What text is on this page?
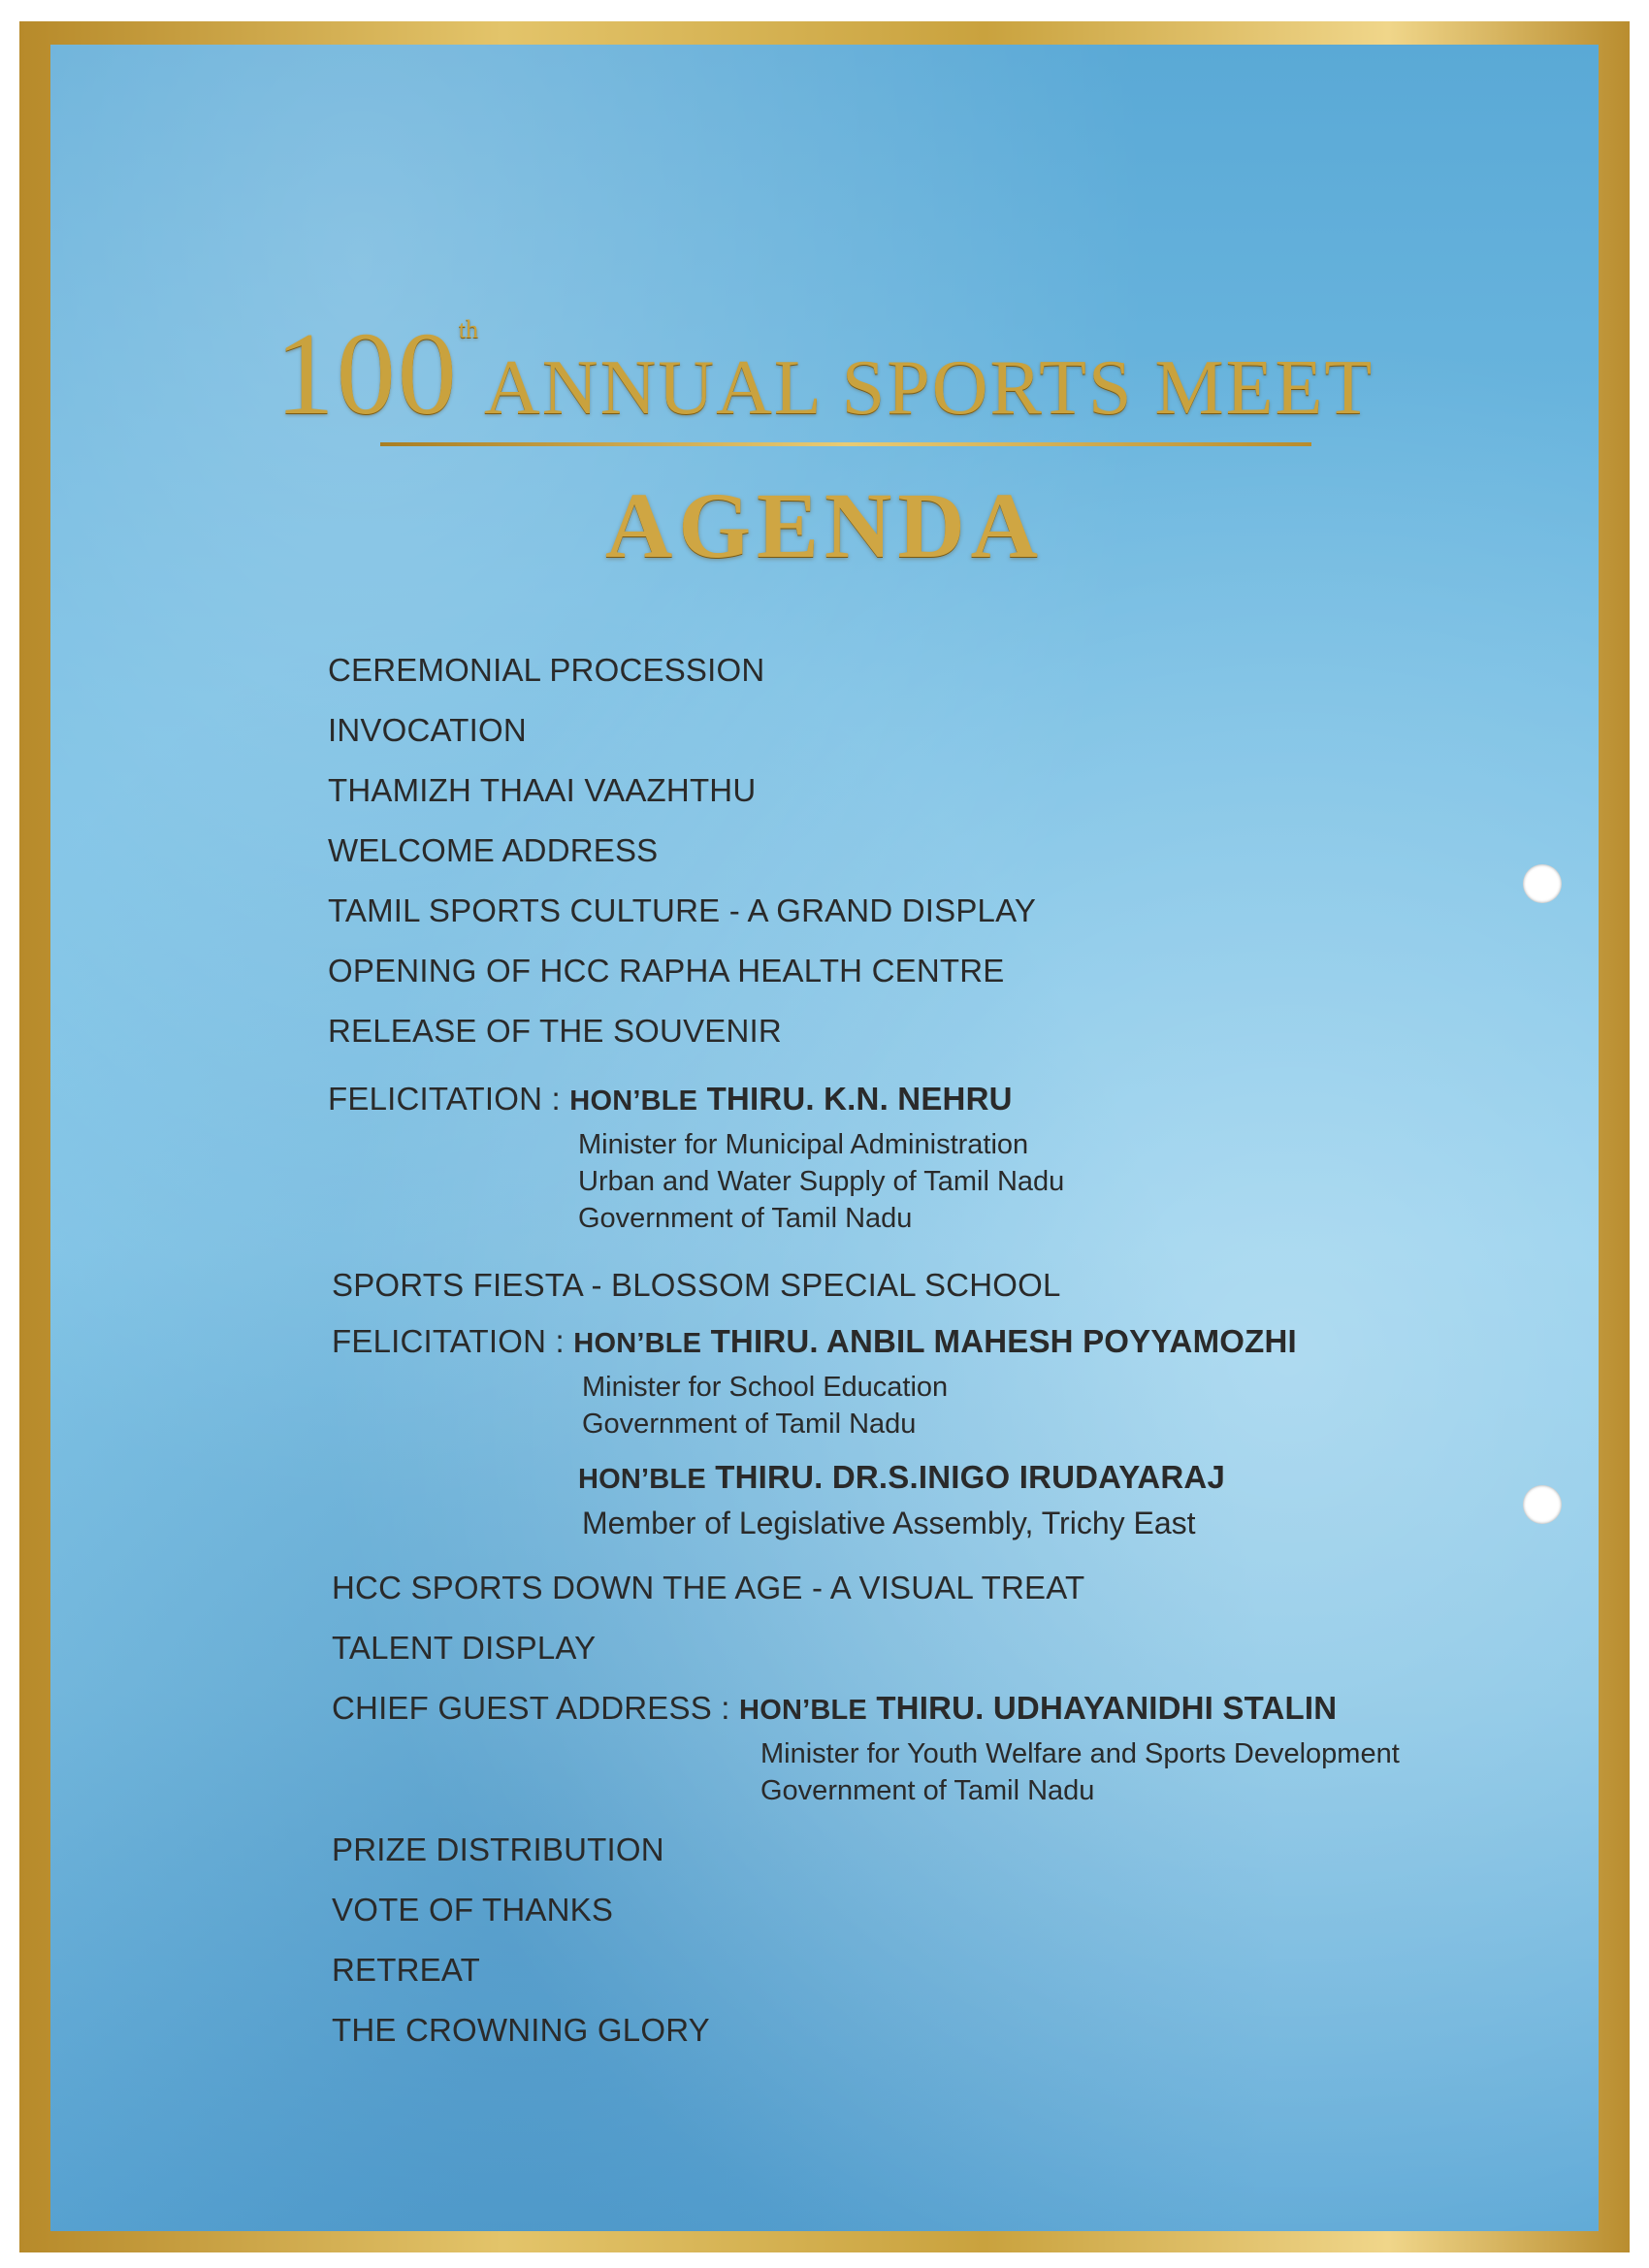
100thANNUAL SPORTS MEET
AGENDA
CEREMONIAL PROCESSION
INVOCATION
THAMIZH THAAI VAAZHTHU
WELCOME ADDRESS
TAMIL SPORTS CULTURE - A GRAND DISPLAY
OPENING OF HCC RAPHA HEALTH CENTRE
RELEASE OF THE SOUVENIR
FELICITATION : HON’BLE THIRU. K.N. NEHRU
Minister for Municipal Administration
Urban and Water Supply of Tamil Nadu
Government of Tamil Nadu
SPORTS FIESTA - BLOSSOM SPECIAL SCHOOL
FELICITATION : HON’BLE THIRU. ANBIL MAHESH POYYAMOZHI
Minister for School Education
Government of Tamil Nadu
HON’BLE THIRU. DR.S.INIGO IRUDAYARAJ
Member of Legislative Assembly, Trichy East
HCC SPORTS DOWN THE AGE - A VISUAL TREAT
TALENT DISPLAY
CHIEF GUEST ADDRESS : HON’BLE THIRU. UDHAYANIDHI STALIN
Minister for Youth Welfare and Sports Development
Government of Tamil Nadu
PRIZE DISTRIBUTION
VOTE OF THANKS
RETREAT
THE CROWNING GLORY
